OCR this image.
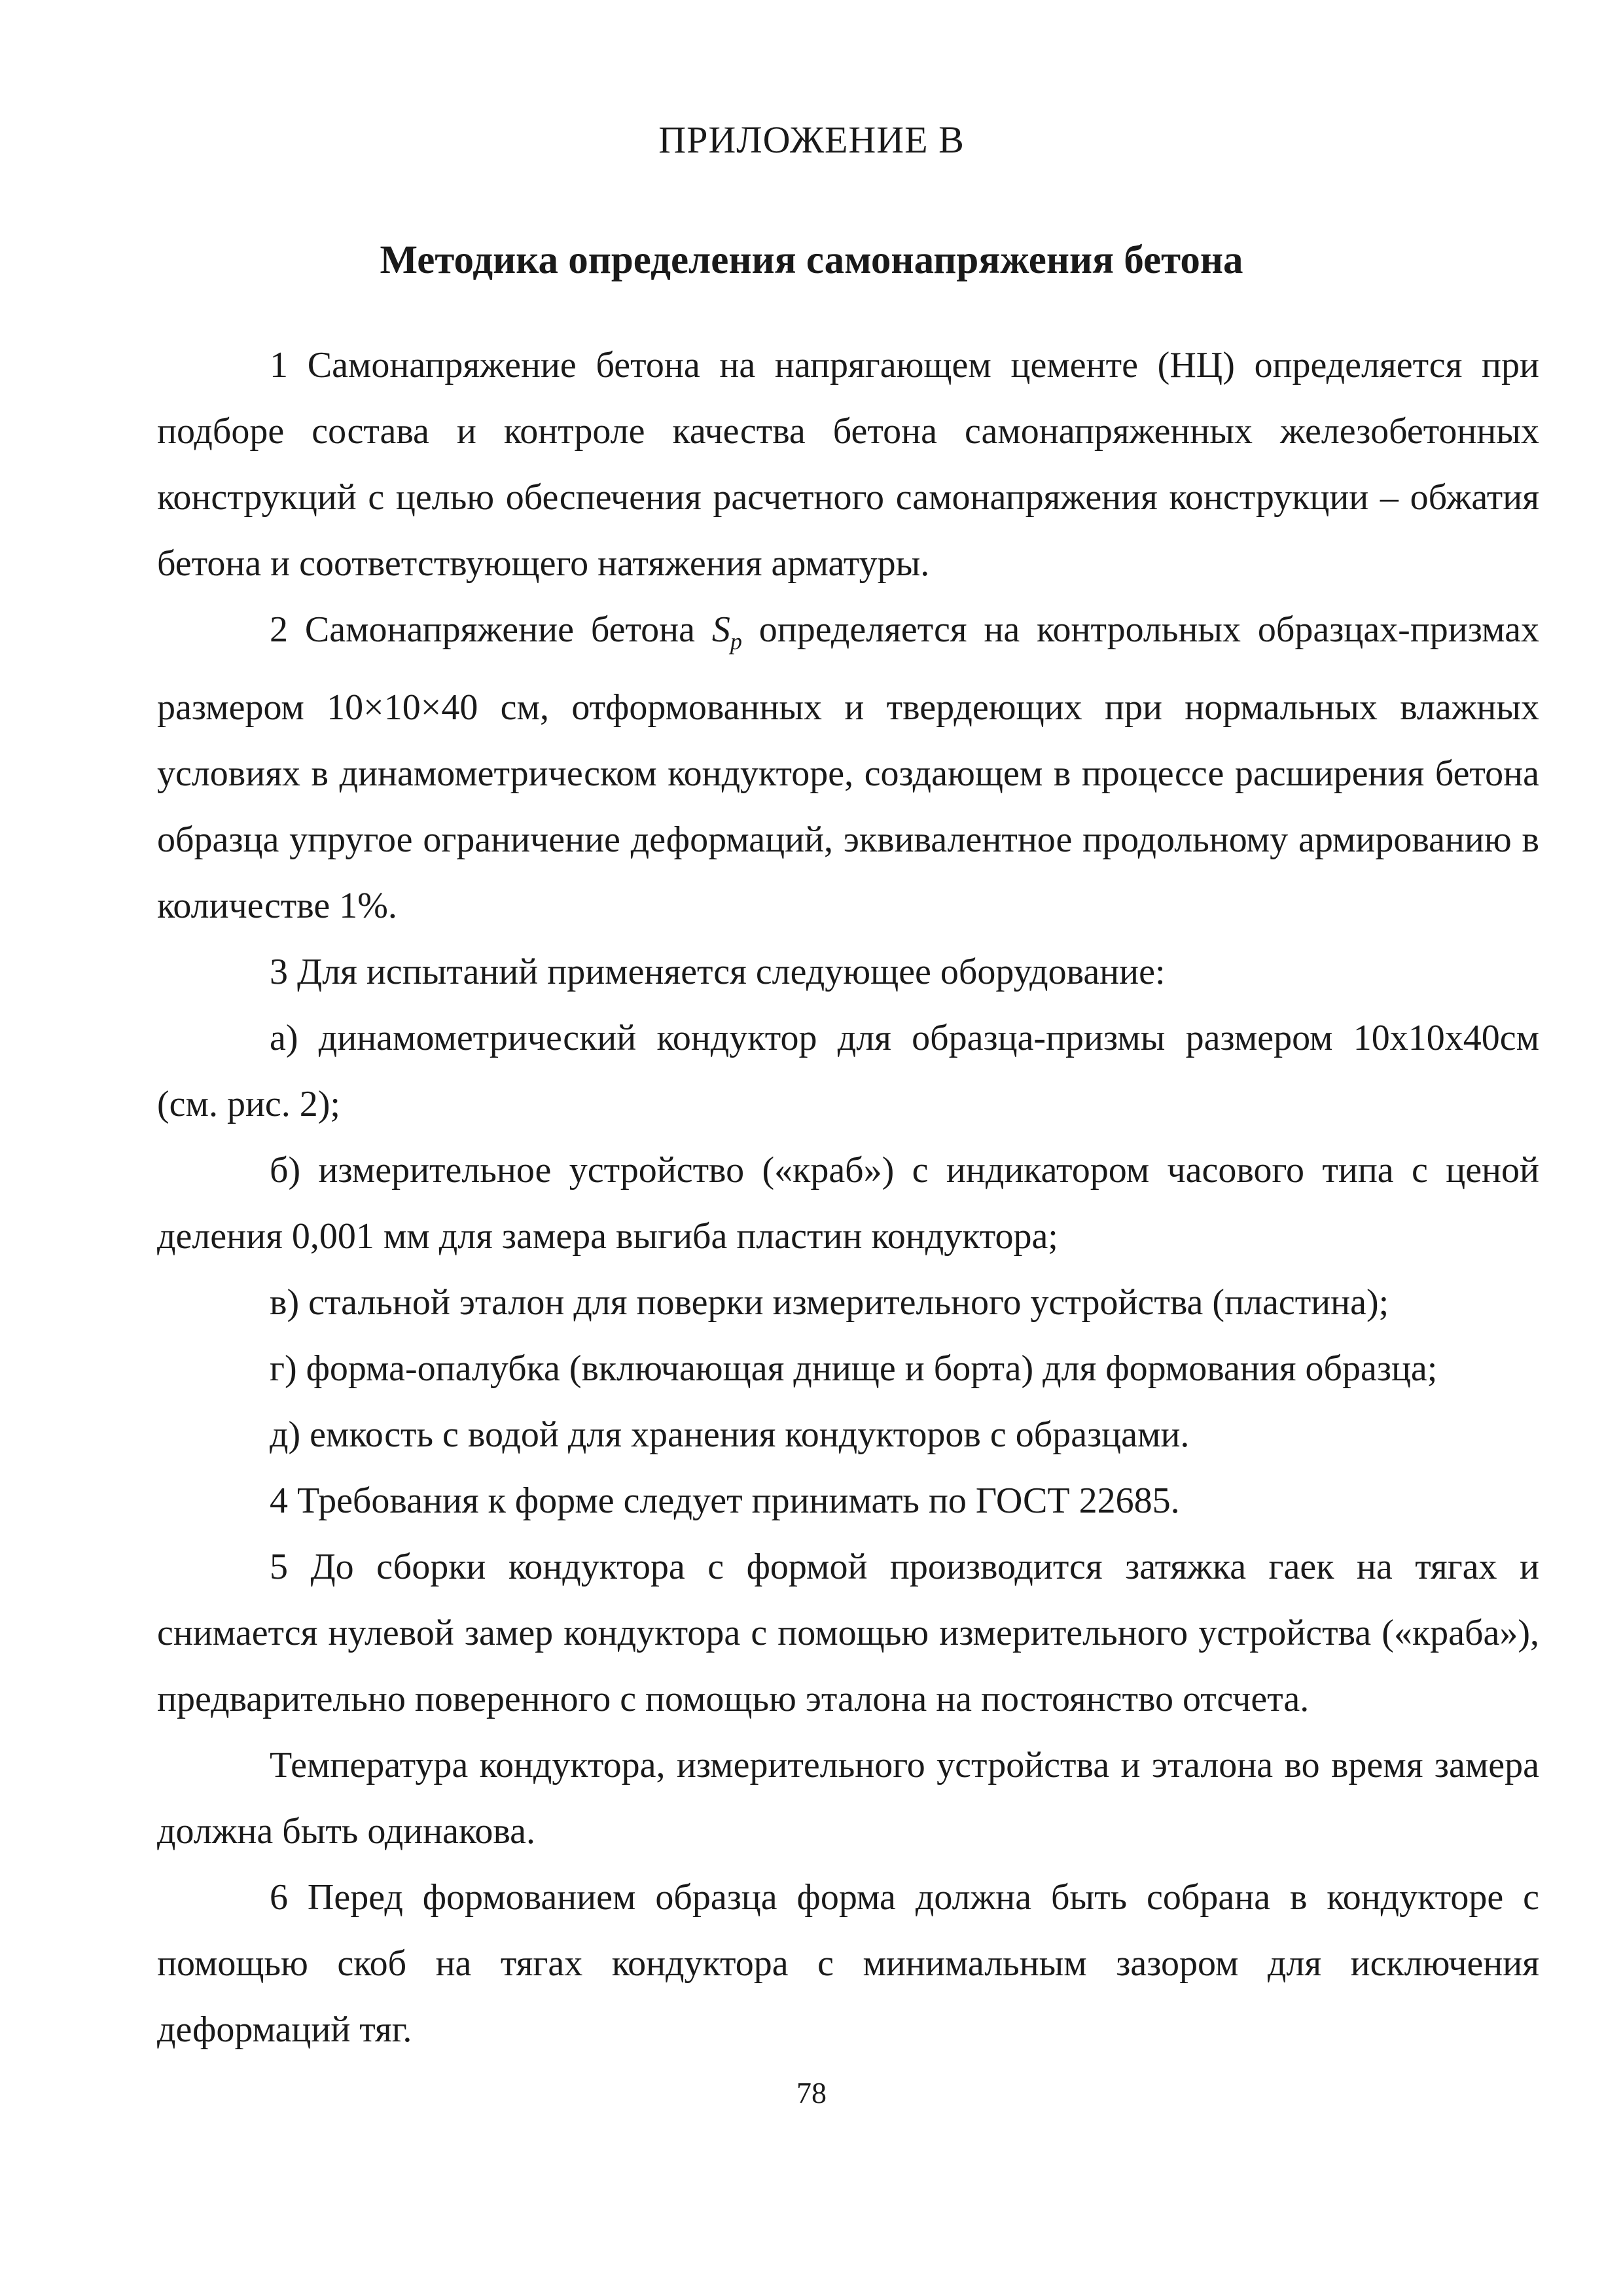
ПРИЛОЖЕНИЕ В
Методика определения самонапряжения бетона

1 Самонапряжение бетона на напрягающем цементе (НЦ) определяется при подборе состава и контроле качества бетона самонапряженных железобетонных конструкций с целью обеспечения расчетного самонапряжения конструкции – обжатия бетона и соответствующего натяжения арматуры.

2 Самонапряжение бетона $S_p$ определяется на контрольных образцах-призмах размером 10×10×40 см, отформованных и твердеющих при нормальных влажных условиях в динамометрическом кондукторе, создающем в процессе расширения бетона образца упругое ограничение деформаций, эквивалентное продольному армированию в количестве 1%.

3 Для испытаний применяется следующее оборудование:

а) динамометрический кондуктор для образца-призмы размером 10х10х40см (см. рис. 2);

б) измерительное устройство («краб») с индикатором часового типа с ценой деления 0,001 мм для замера выгиба пластин кондуктора;

в) стальной эталон для поверки измерительного устройства (пластина);

г) форма-опалубка (включающая днище и борта) для формования образца;

д) емкость с водой для хранения кондукторов с образцами.

4 Требования к форме следует принимать по ГОСТ 22685.

5 До сборки кондуктора с формой производится затяжка гаек на тягах и снимается нулевой замер кондуктора с помощью измерительного устройства («краба»), предварительно поверенного с помощью эталона на постоянство отсчета.

Температура кондуктора, измерительного устройства и эталона во время замера должна быть одинакова.

6 Перед формованием образца форма должна быть собрана в кондукторе с помощью скоб на тягах кондуктора с минимальным зазором для исключения деформаций тяг.

78
